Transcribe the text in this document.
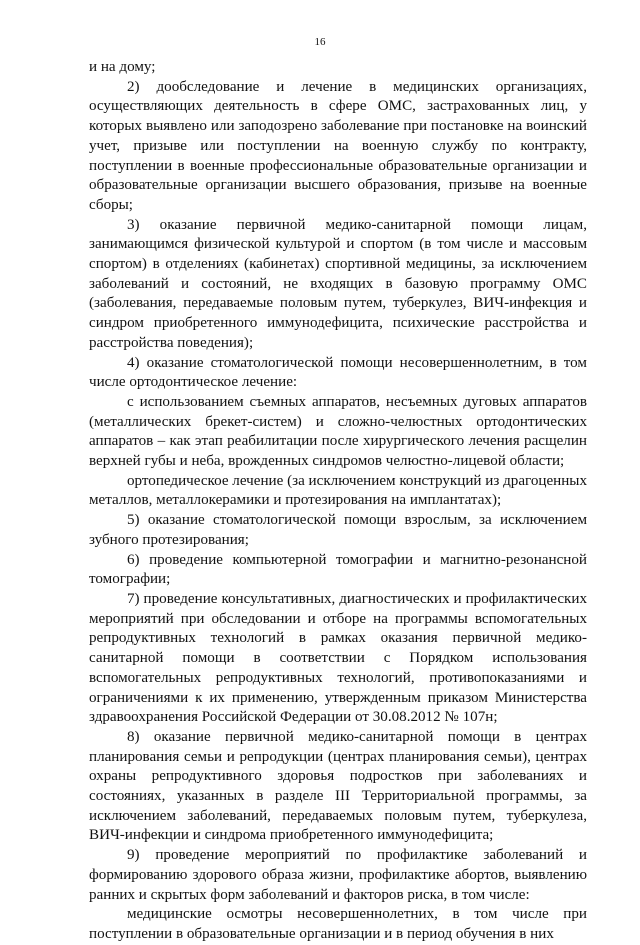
16

и на дому;

2) дообследование и лечение в медицинских организациях, осуществляющих деятельность в сфере ОМС, застрахованных лиц, у которых выявлено или заподозрено заболевание при постановке на воинский учет, призыве или поступлении на военную службу по контракту, поступлении в военные профессиональные образовательные организации и образовательные организации высшего образования, призыве на военные сборы;

3) оказание первичной медико-санитарной помощи лицам, занимающимся физической культурой и спортом (в том числе и массовым спортом) в отделениях (кабинетах) спортивной медицины, за исключением заболеваний и состояний, не входящих в базовую программу ОМС (заболевания, передаваемые половым путем, туберкулез, ВИЧ-инфекция и синдром приобретенного иммунодефицита, психические расстройства и расстройства поведения);

4) оказание стоматологической помощи несовершеннолетним, в том числе ортодонтическое лечение:

с использованием съемных аппаратов, несъемных дуговых аппаратов (металлических брекет-систем) и сложно-челюстных ортодонтических аппаратов – как этап реабилитации после хирургического лечения расщелин верхней губы и неба, врожденных синдромов челюстно-лицевой области;

ортопедическое лечение (за исключением конструкций из драгоценных металлов, металлокерамики и протезирования на имплантатах);

5) оказание стоматологической помощи взрослым, за исключением зубного протезирования;

6) проведение компьютерной томографии и магнитно-резонансной томографии;

7) проведение консультативных, диагностических и профилактических мероприятий при обследовании и отборе на программы вспомогательных репродуктивных технологий в рамках оказания первичной медико-санитарной помощи в соответствии с Порядком использования вспомогательных репродуктивных технологий, противопоказаниями и ограничениями к их применению, утвержденным приказом Министерства здравоохранения Российской Федерации от 30.08.2012 № 107н;

8) оказание первичной медико-санитарной помощи в центрах планирования семьи и репродукции (центрах планирования семьи), центрах охраны репродуктивного здоровья подростков при заболеваниях и состояниях, указанных в разделе III Территориальной программы, за исключением заболеваний, передаваемых половым путем, туберкулеза, ВИЧ-инфекции и синдрома приобретенного иммунодефицита;

9) проведение мероприятий по профилактике заболеваний и формированию здорового образа жизни, профилактике абортов, выявлению ранних и скрытых форм заболеваний и факторов риска, в том числе:

медицинские осмотры несовершеннолетних, в том числе при поступлении в образовательные организации и в период обучения в них
